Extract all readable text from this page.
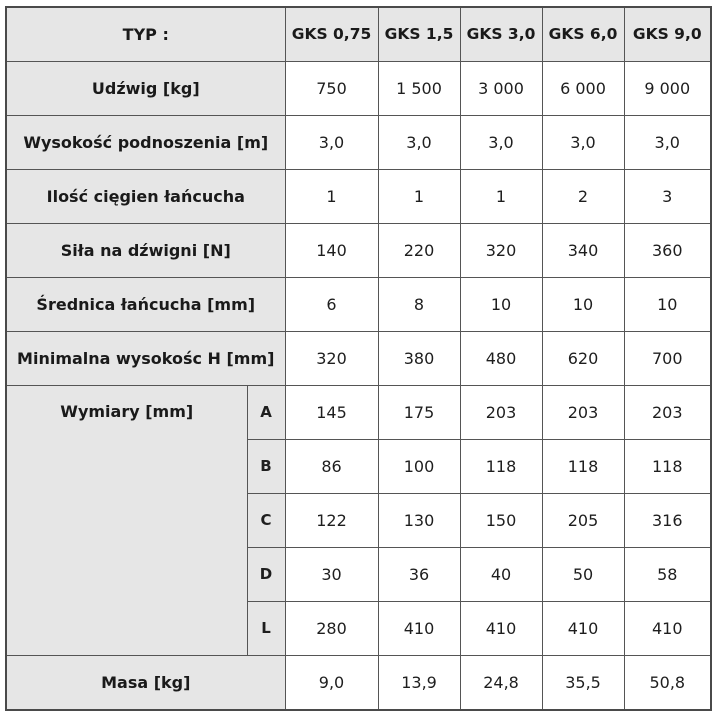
TYP :		GKS 0,75	GKS 1,5	GKS 3,0	GKS 6,0	GKS 9,0
Udźwig [kg]		750	1 500	3 000	6 000	9 000
Wysokość podnoszenia [m]		3,0	3,0	3,0	3,0	3,0
Ilość cięgien łańcucha		1	1	1	2	3
Siła na dźwigni [N]		140	220	320	340	360
Średnica łańcucha [mm]		6	8	10	10	10
Minimalna wysokośc H [mm]		320	380	480	620	700
Wymiary [mm]	A	145	175	203	203	203
	B	86	100	118	118	118
	C	122	130	150	205	316
	D	30	36	40	50	58
	L	280	410	410	410	410
Masa [kg]		9,0	13,9	24,8	35,5	50,8
